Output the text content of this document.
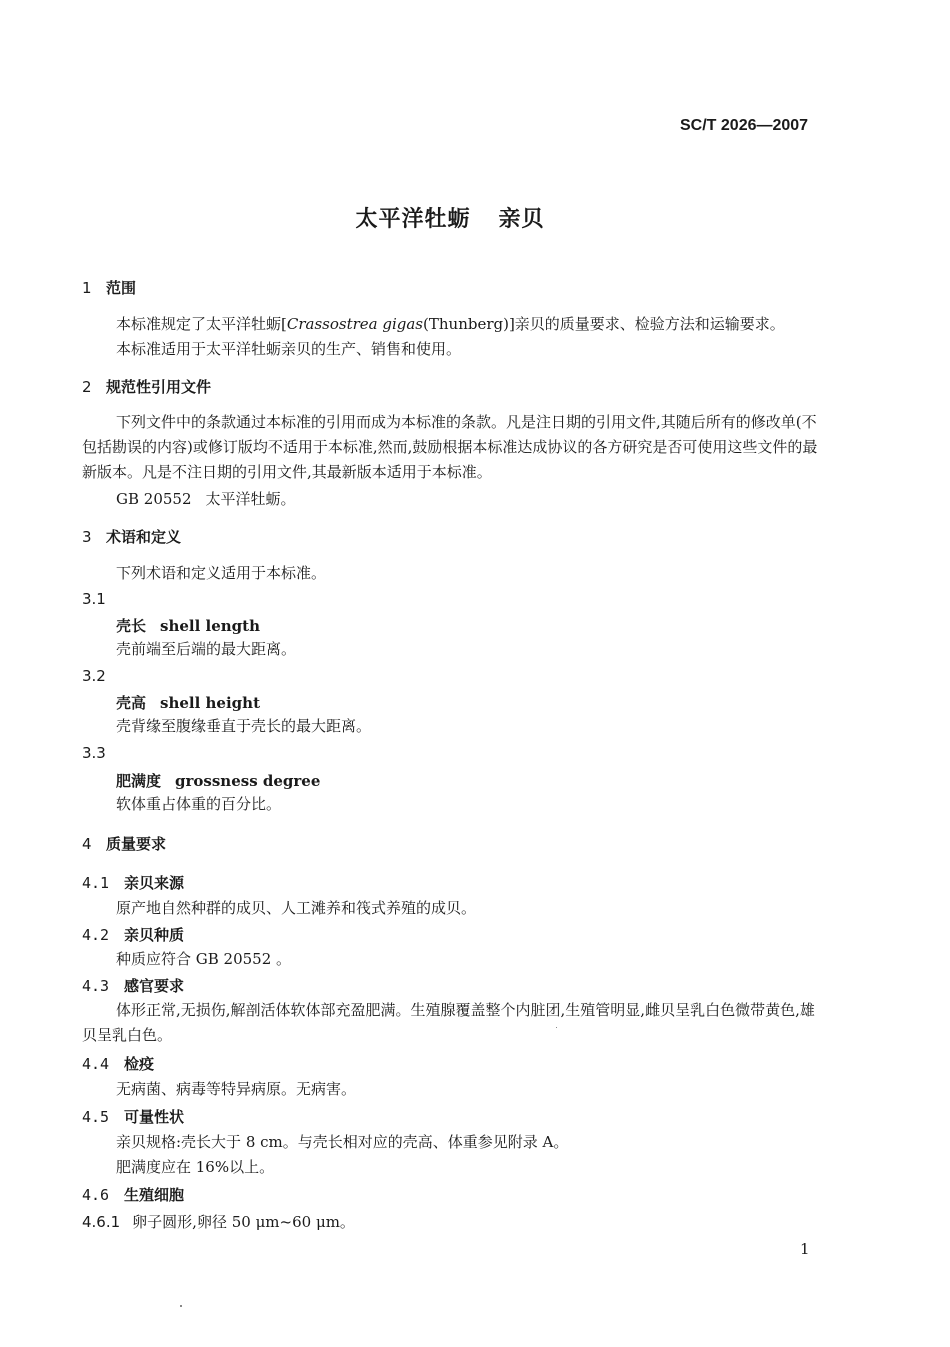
SC/T 2026—2007
太平洋牡蛎 亲贝
1 范围
本标准规定了太平洋牡蛎[Crassostrea gigas(Thunberg)]亲贝的质量要求、检验方法和运输要求。
本标准适用于太平洋牡蛎亲贝的生产、销售和使用。
2 规范性引用文件
下列文件中的条款通过本标准的引用而成为本标准的条款。凡是注日期的引用文件,其随后所有的修改单(不包括勘误的内容)或修订版均不适用于本标准,然而,鼓励根据本标准达成协议的各方研究是否可使用这些文件的最新版本。凡是不注日期的引用文件,其最新版本适用于本标准。
GB 20552 太平洋牡蛎。
3 术语和定义
下列术语和定义适用于本标准。
3.1
壳长 shell length
壳前端至后端的最大距离。
3.2
壳高 shell height
壳背缘至腹缘垂直于壳长的最大距离。
3.3
肥满度 grossness degree
软体重占体重的百分比。
4 质量要求
4.1 亲贝来源
原产地自然种群的成贝、人工滩养和筏式养殖的成贝。
4.2 亲贝种质
种质应符合 GB 20552 。
4.3 感官要求
体形正常,无损伤,解剖活体软体部充盈肥满。生殖腺覆盖整个内脏团,生殖管明显,雌贝呈乳白色微带黄色,雄贝呈乳白色。
4.4 检疫
无病菌、病毒等特异病原。无病害。
4.5 可量性状
亲贝规格:壳长大于 8 cm。与壳长相对应的壳高、体重参见附录 A。
肥满度应在 16%以上。
4.6 生殖细胞
4.6.1 卵子圆形,卵径 50 μm~60 μm。
1
